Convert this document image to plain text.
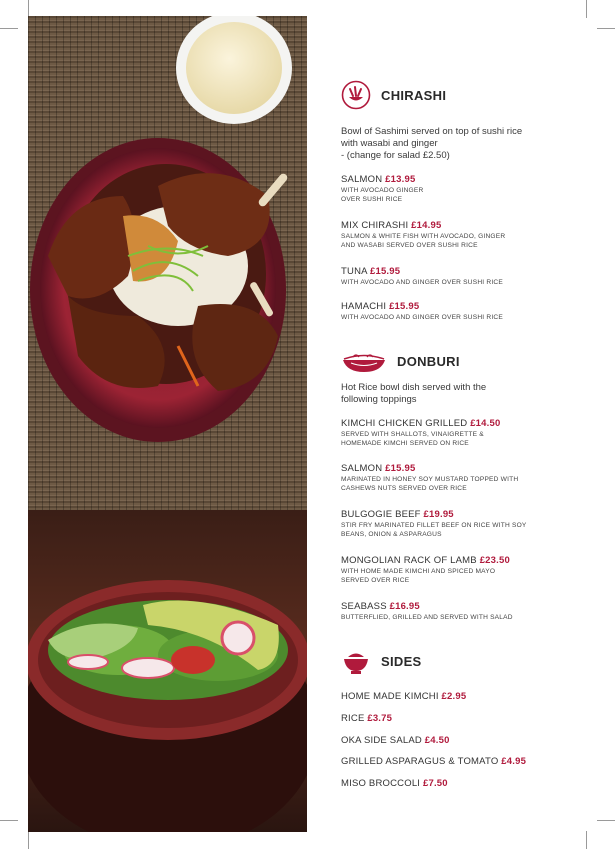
CHIRASHI
Bowl of Sashimi served on top of sushi rice
with wasabi and ginger
- (change for salad £2.50)
SALMON £13.95
WITH AVOCADO GINGER
OVER SUSHI RICE
MIX CHIRASHI £14.95
SALMON & WHITE FISH WITH AVOCADO, GINGER
AND WASABI SERVED OVER SUSHI RICE
TUNA £15.95
WITH AVOCADO AND GINGER OVER SUSHI RICE
HAMACHI £15.95
WITH AVOCADO AND GINGER OVER SUSHI RICE
DONBURI
Hot Rice bowl dish served with the
following toppings
KIMCHI CHICKEN GRILLED £14.50
SERVED WITH SHALLOTS, VINAIGRETTE &
HOMEMADE KIMCHI SERVED ON RICE
SALMON £15.95
MARINATED IN HONEY SOY MUSTARD TOPPED WITH
CASHEWS NUTS SERVED OVER RICE
BULGOGIE BEEF £19.95
STIR FRY MARINATED FILLET BEEF ON RICE WITH SOY
BEANS, ONION & ASPARAGUS
MONGOLIAN RACK OF LAMB £23.50
WITH HOME MADE KIMCHI AND SPICED MAYO
SERVED OVER RICE
SEABASS £16.95
BUTTERFLIED, GRILLED AND SERVED WITH SALAD
SIDES
HOME MADE KIMCHI £2.95
RICE £3.75
OKA SIDE SALAD £4.50
GRILLED ASPARAGUS & TOMATO £4.95
MISO BROCCOLI £7.50
